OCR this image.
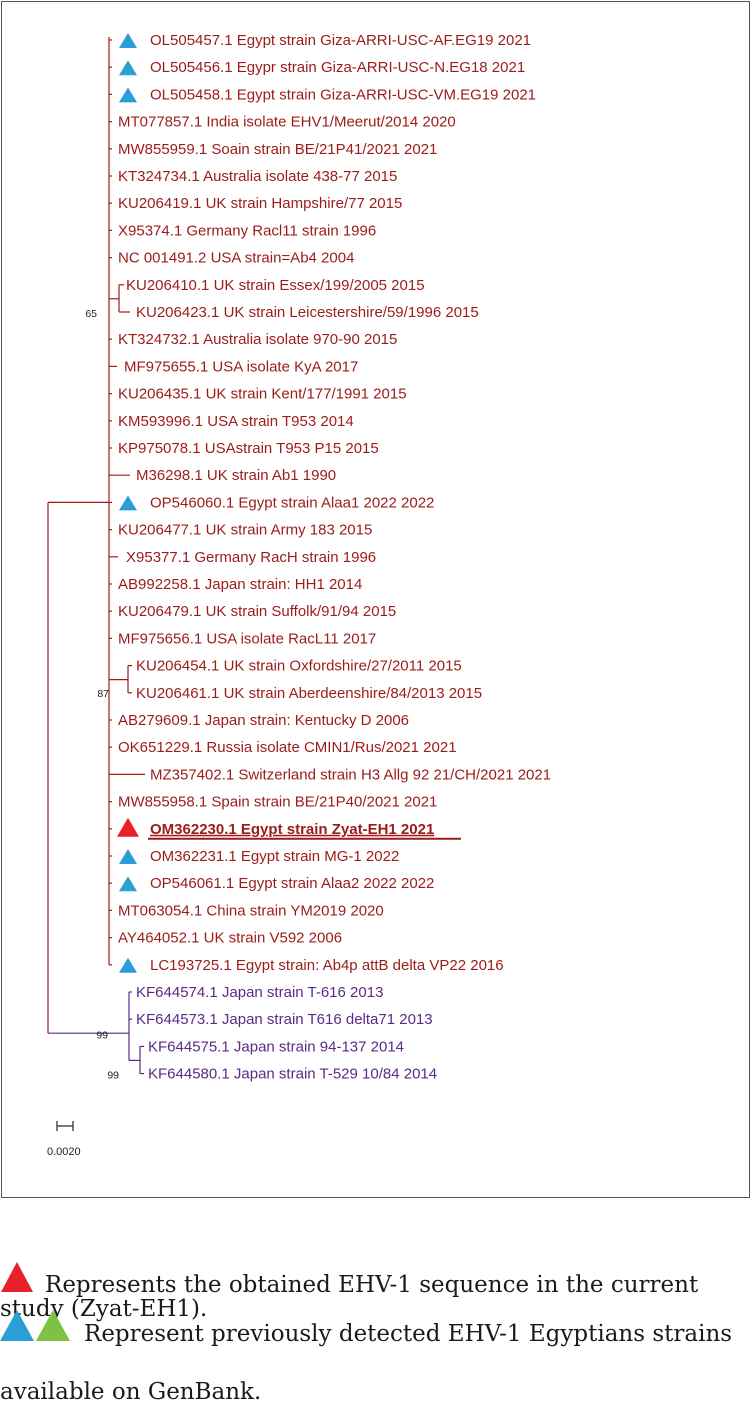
OL505457.1 Egypt strain Giza-ARRI-USC-AF.EG19 2021
OL505456.1 Egypr strain Giza-ARRI-USC-N.EG18 2021
OL505458.1 Egypt strain Giza-ARRI-USC-VM.EG19 2021
MT077857.1 India isolate EHV1/Meerut/2014 2020
MW855959.1 Soain strain BE/21P41/2021 2021
KT324734.1 Australia isolate 438-77 2015
KU206419.1 UK strain Hampshire/77 2015
X95374.1 Germany Racl11 strain 1996
NC 001491.2 USA strain=Ab4 2004
KU206410.1 UK strain Essex/199/2005 2015
KU206423.1 UK strain Leicestershire/59/1996 2015
KT324732.1 Australia isolate 970-90 2015
MF975655.1 USA isolate KyA 2017
KU206435.1 UK strain Kent/177/1991 2015
KM593996.1 USA strain T953 2014
KP975078.1 USAstrain T953 P15 2015
M36298.1 UK strain Ab1 1990
OP546060.1 Egypt strain Alaa1 2022 2022
KU206477.1 UK strain Army 183 2015
X95377.1 Germany RacH strain 1996
AB992258.1 Japan strain: HH1 2014
KU206479.1 UK strain Suffolk/91/94 2015
MF975656.1 USA isolate RacL11 2017
KU206454.1 UK strain Oxfordshire/27/2011 2015
KU206461.1 UK strain Aberdeenshire/84/2013 2015
AB279609.1 Japan strain: Kentucky D 2006
OK651229.1 Russia isolate CMIN1/Rus/2021 2021
MZ357402.1 Switzerland strain H3 Allg 92 21/CH/2021 2021
MW855958.1 Spain strain BE/21P40/2021 2021
OM362230.1 Egypt strain Zyat-EH1 2021
OM362231.1 Egypt strain MG-1 2022
OP546061.1 Egypt strain Alaa2 2022 2022
MT063054.1 China strain YM2019 2020
AY464052.1 UK strain V592 2006
LC193725.1 Egypt strain: Ab4p attB delta VP22 2016
KF644574.1 Japan strain T-616 2013
KF644573.1 Japan strain T616 delta71 2013
KF644575.1 Japan strain 94-137 2014
KF644580.1 Japan strain T-529 10/84 2014
65
87
99
99
0.0020
Represents the obtained EHV-1 sequence in the current
study (Zyat-EH1).
Represent previously detected EHV-1 Egyptians strains
available on GenBank.
